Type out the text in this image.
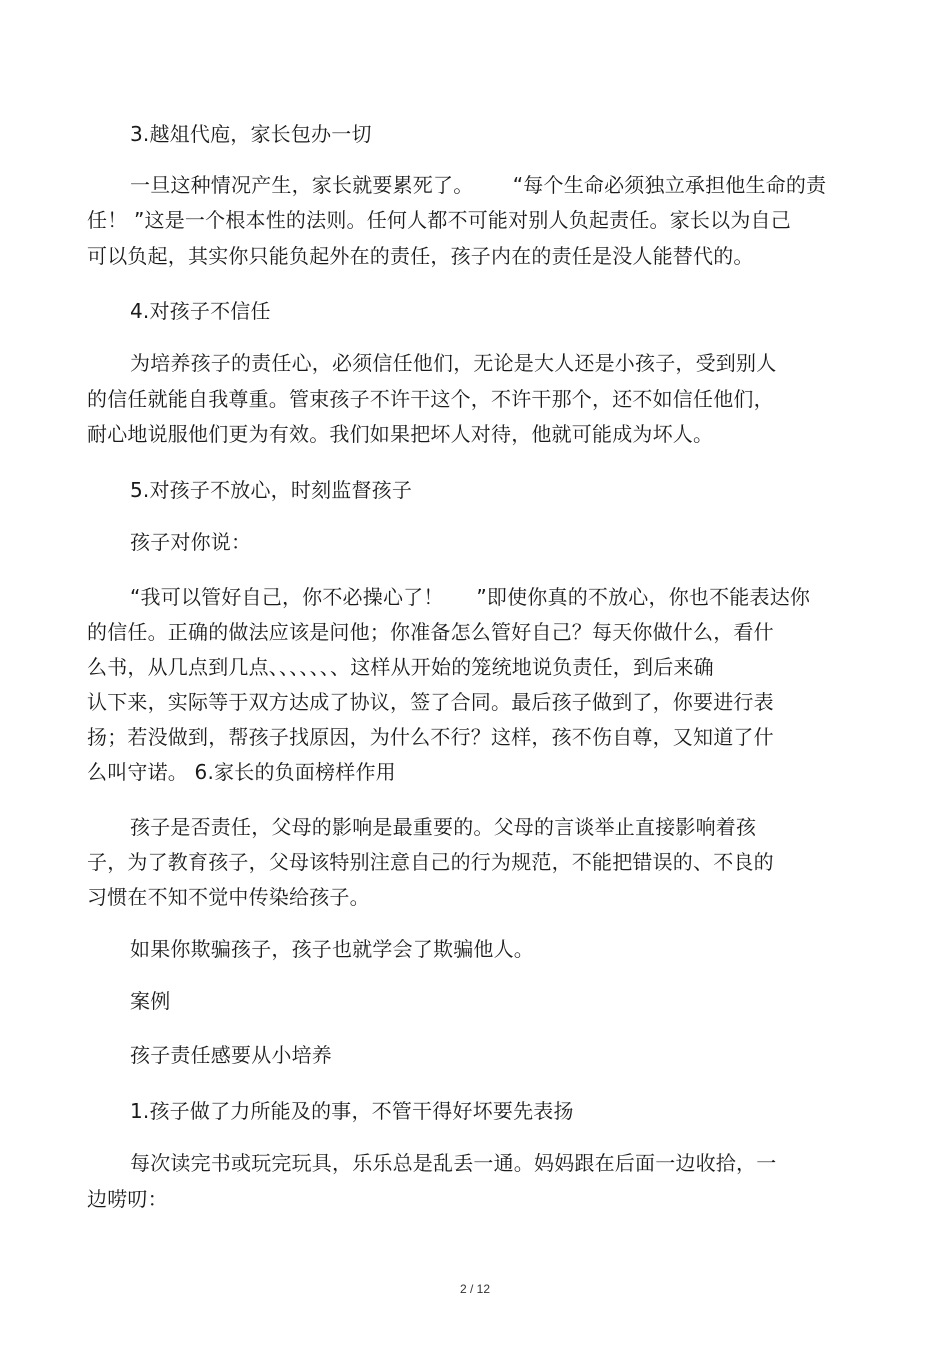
3.越俎代庖，家长包办一切
一旦这种情况产生，家长就要累死了。      “每个生命必须独立承担他生命的责
任！ ”这是一个根本性的法则。任何人都不可能对别人负起责任。家长以为自己
可以负起，其实你只能负起外在的责任，孩子内在的责任是没人能替代的。
4.对孩子不信任
为培养孩子的责任心，必须信任他们，无论是大人还是小孩子，受到别人
的信任就能自我尊重。管束孩子不许干这个，不许干那个，还不如信任他们，
耐心地说服他们更为有效。我们如果把坏人对待，他就可能成为坏人。
5.对孩子不放心，时刻监督孩子
孩子对你说：
“我可以管好自己，你不必操心了！     ”即使你真的不放心，你也不能表达你
的信任。正确的做法应该是问他；你准备怎么管好自己？每天你做什么，看什
么书，从几点到几点、、、、、、、这样从开始的笼统地说负责任，到后来确
认下来，实际等于双方达成了协议，签了合同。最后孩子做到了，你要进行表
扬；若没做到，帮孩子找原因，为什么不行？这样，孩不伤自尊，又知道了什
么叫守诺。 6.家长的负面榜样作用
孩子是否责任，父母的影响是最重要的。父母的言谈举止直接影响着孩
子，为了教育孩子，父母该特别注意自己的行为规范，不能把错误的、不良的
习惯在不知不觉中传染给孩子。
如果你欺骗孩子，孩子也就学会了欺骗他人。
案例
孩子责任感要从小培养
1.孩子做了力所能及的事，不管干得好坏要先表扬
每次读完书或玩完玩具，乐乐总是乱丢一通。妈妈跟在后面一边收拾，一
边唠叨：
2 / 12
